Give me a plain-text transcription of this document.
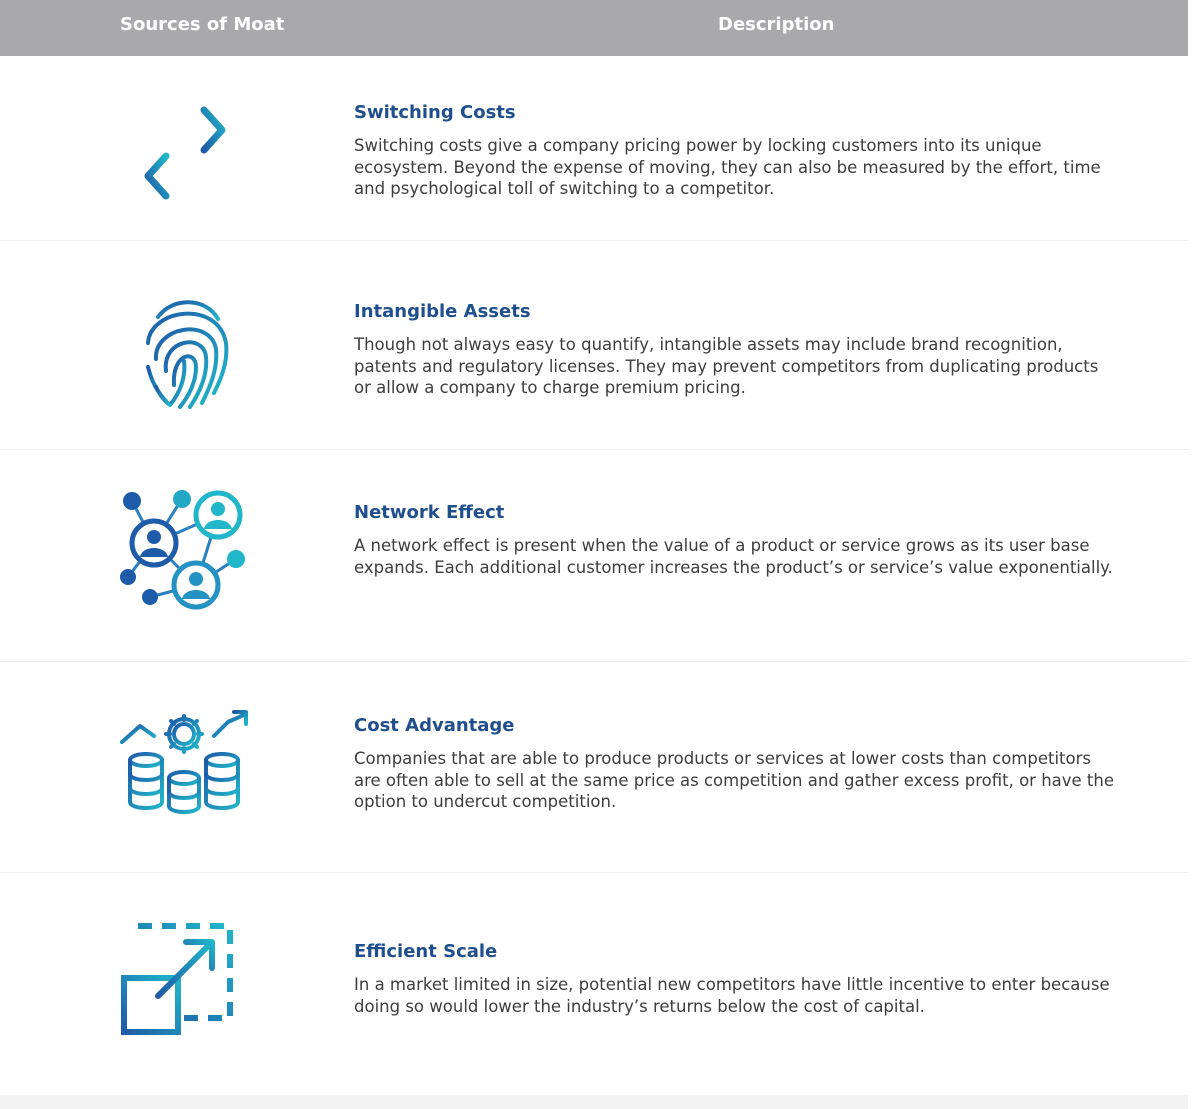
Sources of Moat	Description
Switching Costs
Switching costs give a company pricing power by locking customers into its unique ecosystem. Beyond the expense of moving, they can also be measured by the effort, time and psychological toll of switching to a competitor.
Intangible Assets
Though not always easy to quantify, intangible assets may include brand recognition, patents and regulatory licenses. They may prevent competitors from duplicating products or allow a company to charge premium pricing.
Network Effect
A network effect is present when the value of a product or service grows as its user base expands. Each additional customer increases the product’s or service’s value exponentially.
Cost Advantage
Companies that are able to produce products or services at lower costs than competitors are often able to sell at the same price as competition and gather excess profit, or have the option to undercut competition.
Efficient Scale
In a market limited in size, potential new competitors have little incentive to enter because doing so would lower the industry’s returns below the cost of capital.
